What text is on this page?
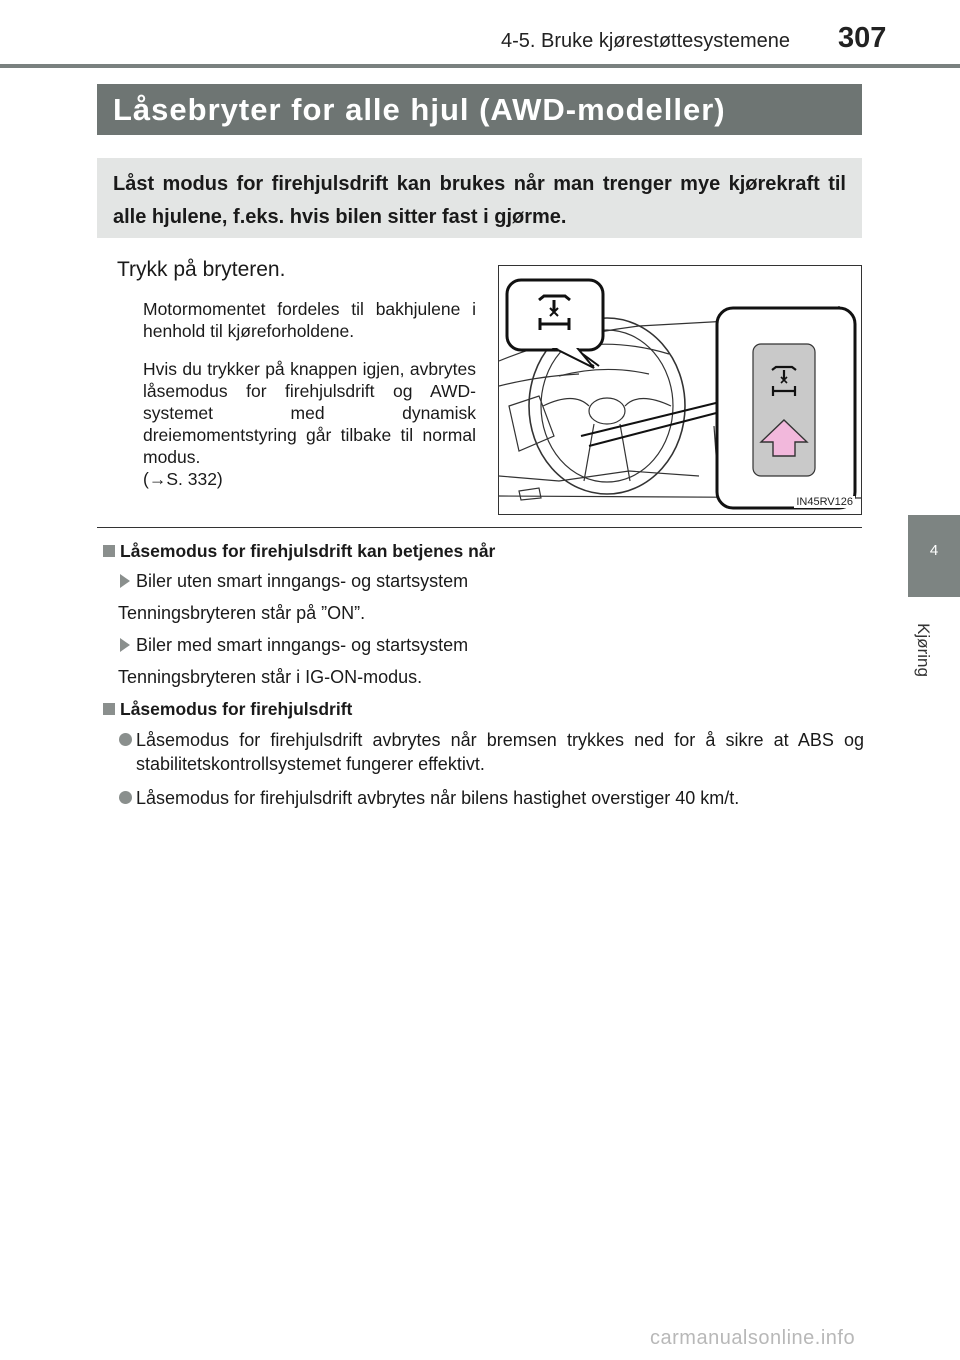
4-5. Bruke kjørestøttesystemene 307
4
Kjøring
Låsebryter for alle hjul (AWD-modeller)
Låst modus for firehjulsdrift kan brukes når man trenger mye kjørekraft til alle hjulene, f.eks. hvis bilen sitter fast i gjørme.
Trykk på bryteren.
Motormomentet fordeles til bakhjulene i henhold til kjøreforholdene.
Hvis du trykker på knappen igjen, avbrytes låsemodus for firehjulsdrift og AWD-systemet med dynamisk dreiemomentstyring går tilbake til normal modus.
(→S. 332)
IN45RV126
Låsemodus for firehjulsdrift kan betjenes når
Biler uten smart inngangs- og startsystem
Tenningsbryteren står på ”ON”.
Biler med smart inngangs- og startsystem
Tenningsbryteren står i IG-ON-modus.
Låsemodus for firehjulsdrift
Låsemodus for firehjulsdrift avbrytes når bremsen trykkes ned for å sikre at ABS og stabilitetskontrollsystemet fungerer effektivt.
Låsemodus for firehjulsdrift avbrytes når bilens hastighet overstiger 40 km/t.
carmanualsonline.info
